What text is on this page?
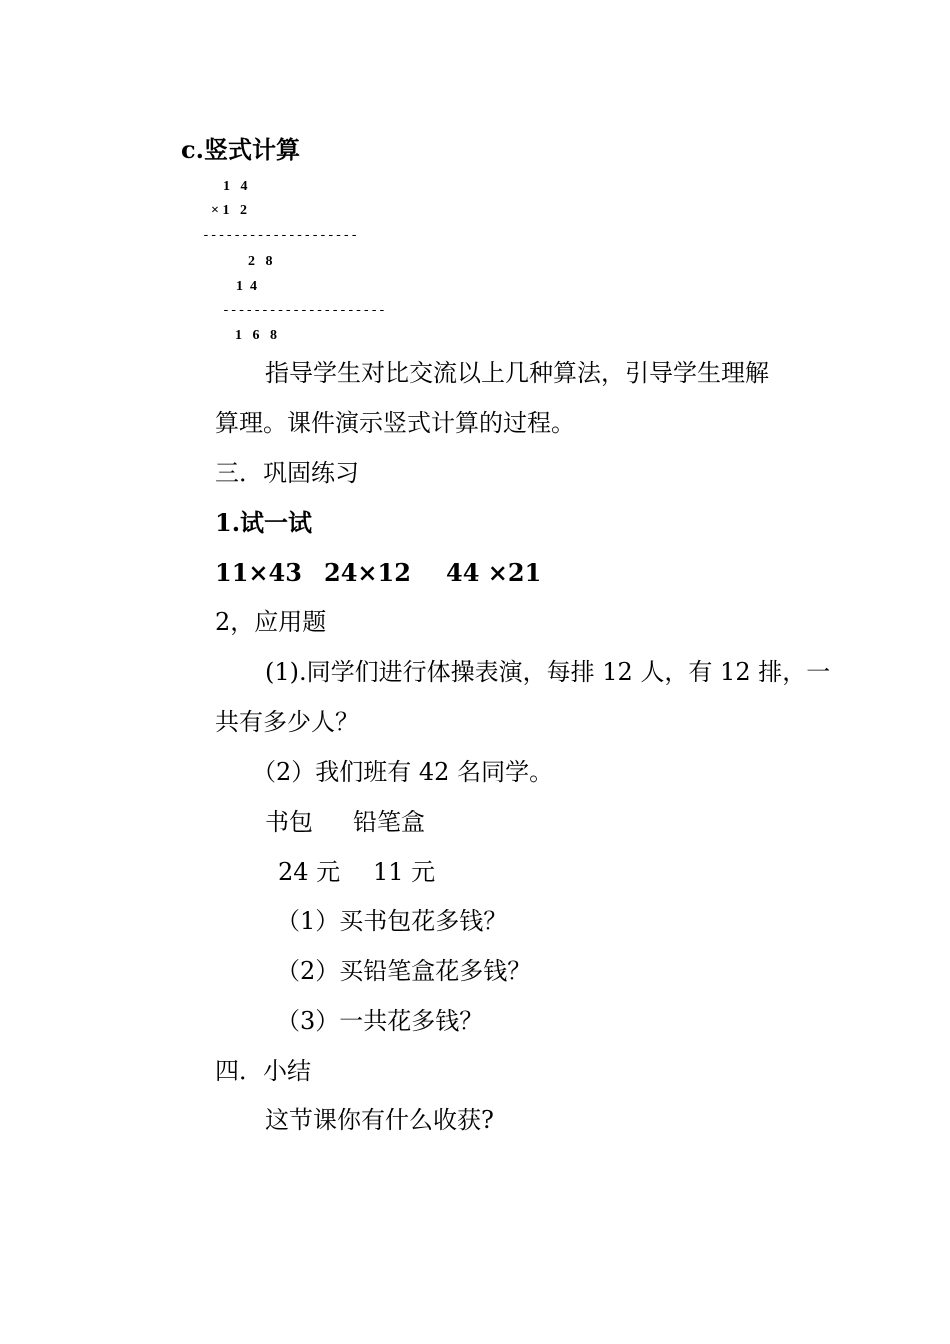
c.竖式计算
1   4
× 1   2
--------------------
2   8
1  4
---------------------
1   6   8
指导学生对比交流以上几种算法，引导学生理解
算理。课件演示竖式计算的过程。
三．巩固练习
1.试一试
11×43 24×12 44 ×21
2，应用题
(1).同学们进行体操表演，每排 12 人，有 12 排，一
共有多少人？
（2）我们班有 42 名同学。
书包 铅笔盒
24 元 11 元
（1）买书包花多钱？
（2）买铅笔盒花多钱？
（3）一共花多钱？
四．小结
这节课你有什么收获?
